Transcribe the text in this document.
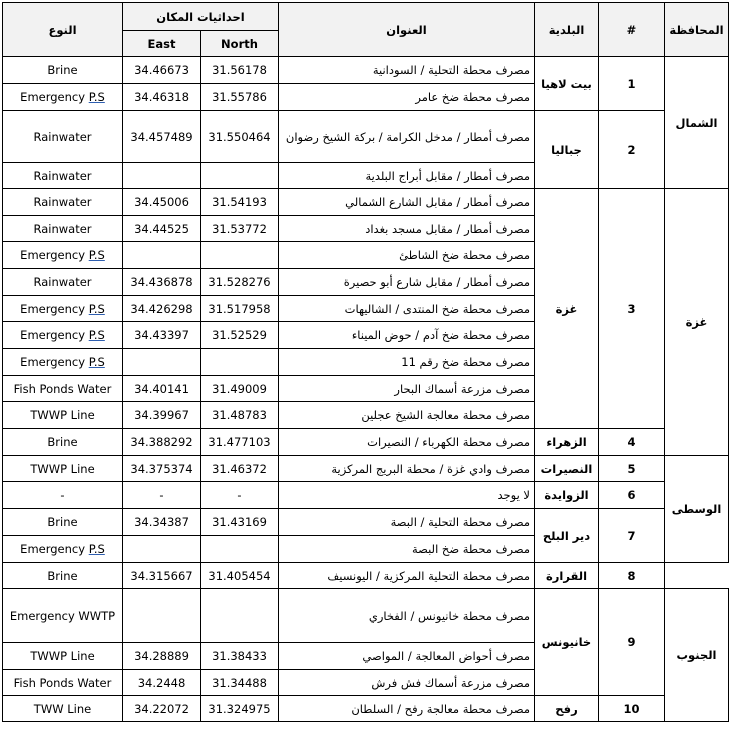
النوع	احداثيات المكان		العنوان	البلدية	#	المحافظة
	East	North				
Brine	34.46673	31.56178	مصرف محطة التحلية / السودانية	بيت لاهيا	1	الشمال
Emergency P.S	34.46318	31.55786	مصرف محطة ضخ عامر			
Rainwater	34.457489	31.550464	مصرف أمطار / مدخل الكرامة / بركة الشيخ رضوان	جباليا	2	
Rainwater			مصرف أمطار / مقابل أبراج البلدية			
Rainwater	34.45006	31.54193	مصرف أمطار / مقابل الشارع الشمالي	غزة	3	غزة
Rainwater	34.44525	31.53772	مصرف أمطار / مقابل مسجد بغداد			
Emergency P.S			مصرف محطة ضخ الشاطئ			
Rainwater	34.436878	31.528276	مصرف أمطار / مقابل شارع أبو حصيرة			
Emergency P.S	34.426298	31.517958	مصرف محطة ضخ المنتدى / الشاليهات			
Emergency P.S	34.43397	31.52529	مصرف محطة ضخ آدم / حوض الميناء			
Emergency P.S			مصرف محطة ضخ رقم 11			
Fish Ponds Water	34.40141	31.49009	مصرف مزرعة أسماك البحار			
TWWP Line	34.39967	31.48783	مصرف محطة معالجة الشيخ عجلين			
Brine	34.388292	31.477103	مصرف محطة الكهرباء / النصيرات	الزهراء	4	
TWWP Line	34.375374	31.46372	مصرف وادي غزة / محطة البريج المركزية	النصيرات	5	الوسطى
-	-	-	لا يوجد	الزوايدة	6	
Brine	34.34387	31.43169	مصرف محطة التحلية / البصة	دير البلح	7	
Emergency P.S			مصرف محطة ضخ البصة			
Brine	34.315667	31.405454	مصرف محطة التحلية المركزية / اليونسيف	القرارة	8	
Emergency WWTP			مصرف محطة خانيونس / الفخاري	خانيونس	9	الجنوب
TWWP Line	34.28889	31.38433	مصرف أحواض المعالجة / المواصي			
Fish Ponds Water	34.2448	31.34488	مصرف مزرعة أسماك فش فرش			
TWW Line	34.22072	31.324975	مصرف محطة معالجة رفح / السلطان	رفح	10	
